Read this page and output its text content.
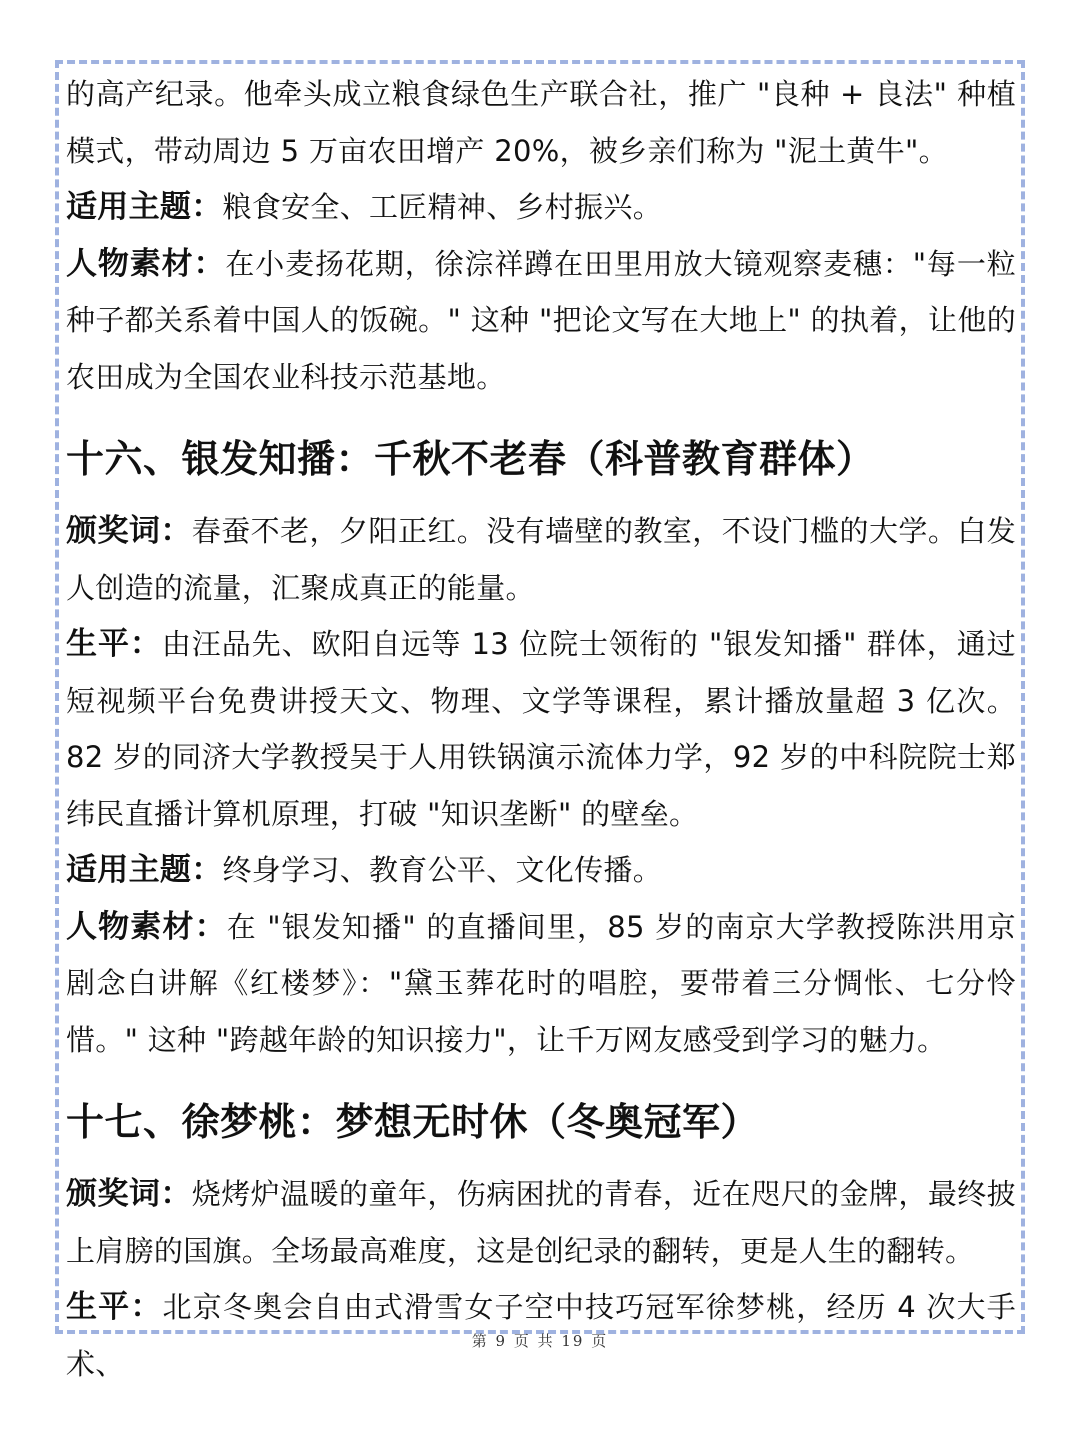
的高产纪录。他牵头成立粮食绿色生产联合社，推广 "良种 + 良法" 种植模式，带动周边 5 万亩农田增产 20%，被乡亲们称为 "泥土黄牛"。

适用主题：粮食安全、工匠精神、乡村振兴。

人物素材：在小麦扬花期，徐淙祥蹲在田里用放大镜观察麦穗："每一粒种子都关系着中国人的饭碗。" 这种 "把论文写在大地上" 的执着，让他的农田成为全国农业科技示范基地。

十六、银发知播：千秋不老春（科普教育群体）

颁奖词：春蚕不老，夕阳正红。没有墙壁的教室，不设门槛的大学。白发人创造的流量，汇聚成真正的能量。

生平：由汪品先、欧阳自远等 13 位院士领衔的 "银发知播" 群体，通过短视频平台免费讲授天文、物理、文学等课程，累计播放量超 3 亿次。82 岁的同济大学教授吴于人用铁锅演示流体力学，92 岁的中科院院士郑纬民直播计算机原理，打破 "知识垄断" 的壁垒。

适用主题：终身学习、教育公平、文化传播。

人物素材：在 "银发知播" 的直播间里，85 岁的南京大学教授陈洪用京剧念白讲解《红楼梦》："黛玉葬花时的唱腔，要带着三分惆怅、七分怜惜。" 这种 "跨越年龄的知识接力"，让千万网友感受到学习的魅力。

十七、徐梦桃：梦想无时休（冬奥冠军）

颁奖词：烧烤炉温暖的童年，伤病困扰的青春，近在咫尺的金牌，最终披上肩膀的国旗。全场最高难度，这是创纪录的翻转，更是人生的翻转。

生平：北京冬奥会自由式滑雪女子空中技巧冠军徐梦桃，经历 4 次大手术、

第 9 页 共 19 页
